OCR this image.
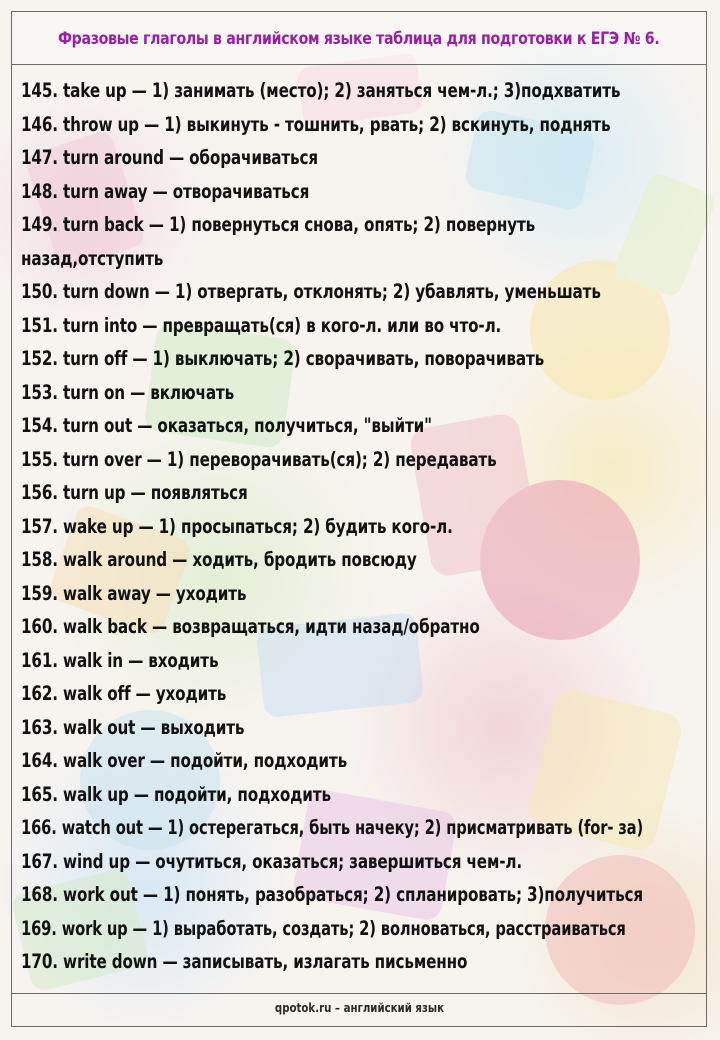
Фразовые глаголы в английском языке таблица для подготовки к ЕГЭ № 6.
145. take up — 1) занимать (место); 2) заняться чем-л.; 3)подхватить
146. throw up — 1) выкинуть - тошнить, рвать; 2) вскинуть, поднять
147. turn around — оборачиваться
148. turn away — отворачиваться
149. turn back — 1) повернуться снова, опять; 2) повернуть
назад,отступить
150. turn down — 1) отвергать, отклонять; 2) убавлять, уменьшать
151. turn into — превращать(ся) в кого-л. или во что-л.
152. turn off — 1) выключать; 2) сворачивать, поворачивать
153. turn on — включать
154. turn out — оказаться, получиться, "выйти"
155. turn over — 1) переворачивать(ся); 2) передавать
156. turn up — появляться
157. wake up — 1) просыпаться; 2) будить кого-л.
158. walk around — ходить, бродить повсюду
159. walk away — уходить
160. walk back — возвращаться, идти назад/обратно
161. walk in — входить
162. walk off — уходить
163. walk out — выходить
164. walk over — подойти, подходить
165. walk up — подойти, подходить
166. watch out — 1) остерегаться, быть начеку; 2) присматривать (for- за)
167. wind up — очутиться, оказаться; завершиться чем-л.
168. work out — 1) понять, разобраться; 2) спланировать; 3)получиться
169. work up — 1) выработать, создать; 2) волноваться, расстраиваться
170. write down — записывать, излагать письменно
qpotok.ru – английский язык
